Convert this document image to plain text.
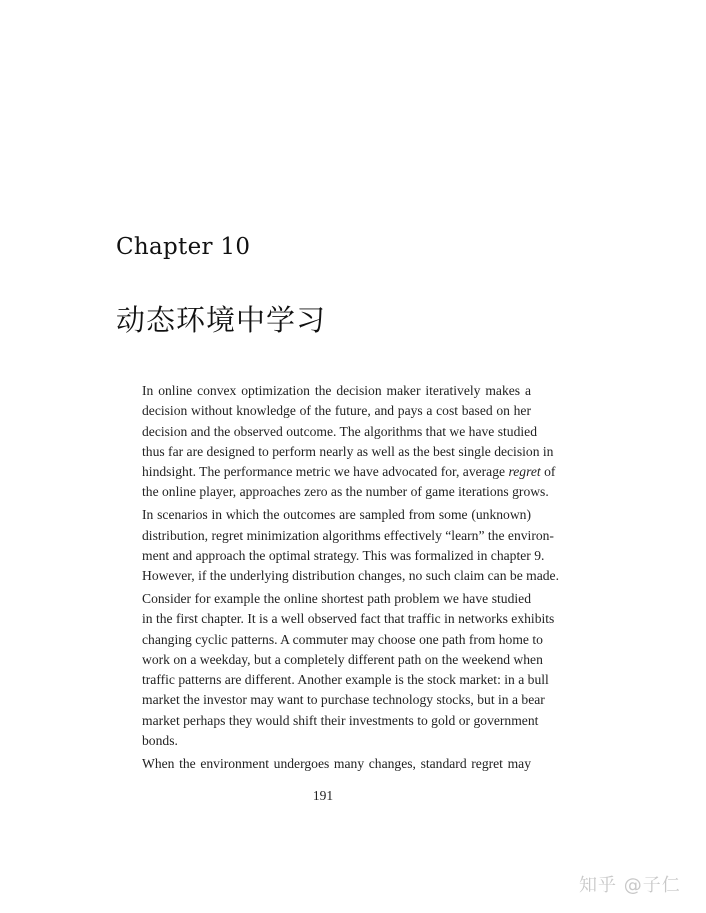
Chapter 10
动态环境中学习

In online convex optimization the decision maker iteratively makes a
decision without knowledge of the future, and pays a cost based on her
decision and the observed outcome. The algorithms that we have studied
thus far are designed to perform nearly as well as the best single decision in
hindsight. The performance metric we have advocated for, average regret of
the online player, approaches zero as the number of game iterations grows.

In scenarios in which the outcomes are sampled from some (unknown)
distribution, regret minimization algorithms effectively “learn” the environ-
ment and approach the optimal strategy. This was formalized in chapter 9.
However, if the underlying distribution changes, no such claim can be made.

Consider for example the online shortest path problem we have studied
in the first chapter. It is a well observed fact that traffic in networks exhibits
changing cyclic patterns. A commuter may choose one path from home to
work on a weekday, but a completely different path on the weekend when
traffic patterns are different. Another example is the stock market: in a bull
market the investor may want to purchase technology stocks, but in a bear
market perhaps they would shift their investments to gold or government
bonds.

When the environment undergoes many changes, standard regret may

191
知乎 @子仁
